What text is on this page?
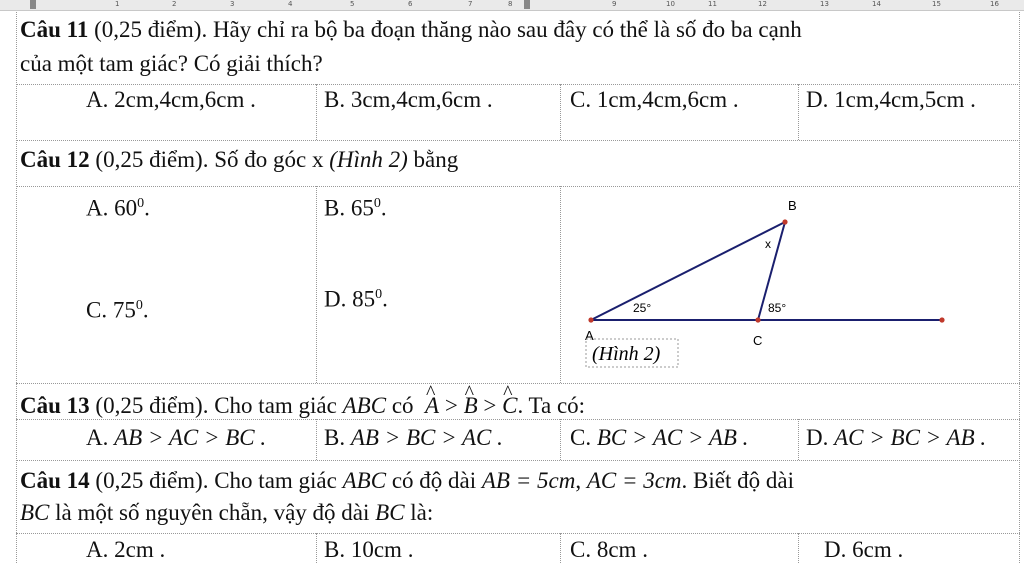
1	2	3	4	5	6	7	8	9	10	11	12	13	14	15	16
Câu 11 (0,25 điểm). Hãy chỉ ra bộ ba đoạn thăng nào sau đây có thể là số đo ba cạnh
của một tam giác? Có giải thích?
A. 2cm,4cm,6cm .	B. 3cm,4cm,6cm .	C. 1cm,4cm,6cm .	D. 1cm,4cm,5cm .
Câu 12 (0,25 điểm). Số đo góc x (Hình 2) bằng
A. $60^0$.	B. $65^0$.
C. $75^0$.	D. $85^0$.
B
A	C
x
25°	85°
(Hình 2)
Câu 13 (0,25 điểm). Cho tam giác ABC có ^ A > ^ B > ^ C. Ta có:
A. AB > AC > BC .	B. AB > BC > AC .	C. BC > AC > AB .	D. AC > BC > AB .
Câu 14 (0,25 điểm). Cho tam giác ABC có độ dài AB = 5cm, AC = 3cm. Biết độ dài
BC là một số nguyên chẵn, vậy độ dài BC là:
A. 2cm .	B. 10cm .	C. 8cm .	D. 6cm .
